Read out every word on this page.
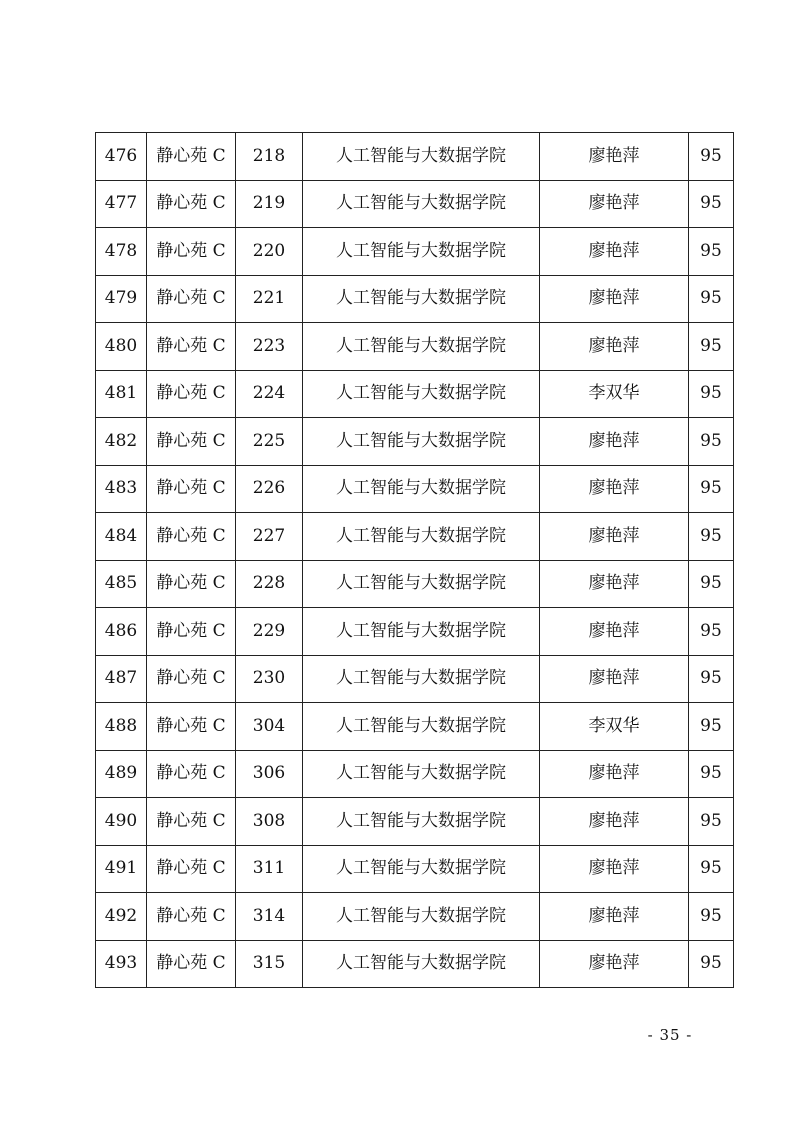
476	静心苑 C	218	人工智能与大数据学院	廖艳萍	95
477	静心苑 C	219	人工智能与大数据学院	廖艳萍	95
478	静心苑 C	220	人工智能与大数据学院	廖艳萍	95
479	静心苑 C	221	人工智能与大数据学院	廖艳萍	95
480	静心苑 C	223	人工智能与大数据学院	廖艳萍	95
481	静心苑 C	224	人工智能与大数据学院	李双华	95
482	静心苑 C	225	人工智能与大数据学院	廖艳萍	95
483	静心苑 C	226	人工智能与大数据学院	廖艳萍	95
484	静心苑 C	227	人工智能与大数据学院	廖艳萍	95
485	静心苑 C	228	人工智能与大数据学院	廖艳萍	95
486	静心苑 C	229	人工智能与大数据学院	廖艳萍	95
487	静心苑 C	230	人工智能与大数据学院	廖艳萍	95
488	静心苑 C	304	人工智能与大数据学院	李双华	95
489	静心苑 C	306	人工智能与大数据学院	廖艳萍	95
490	静心苑 C	308	人工智能与大数据学院	廖艳萍	95
491	静心苑 C	311	人工智能与大数据学院	廖艳萍	95
492	静心苑 C	314	人工智能与大数据学院	廖艳萍	95
493	静心苑 C	315	人工智能与大数据学院	廖艳萍	95
- 35 -
